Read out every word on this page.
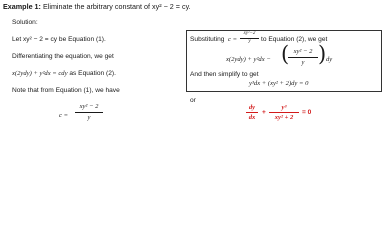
Example 1: Eliminate the arbitrary constant of xy² − 2 = cy.
Solution:
Let xy² − 2 = cy be Equation (1).
Differentiating the equation, we get
x(2ydy) + y²dx = cdy as Equation (2).
Note that from Equation (1), we have
c =
xy² − 2
y
Substituting c =
xy²−2
y	to Equation (2), we get
x(2ydy) + y²dx − ( xy² − 2
y ) dy
And then simplify to get
y³dx + (xy² + 2)dy = 0
or
dy
dx
+
y³
xy² + 2
= 0
